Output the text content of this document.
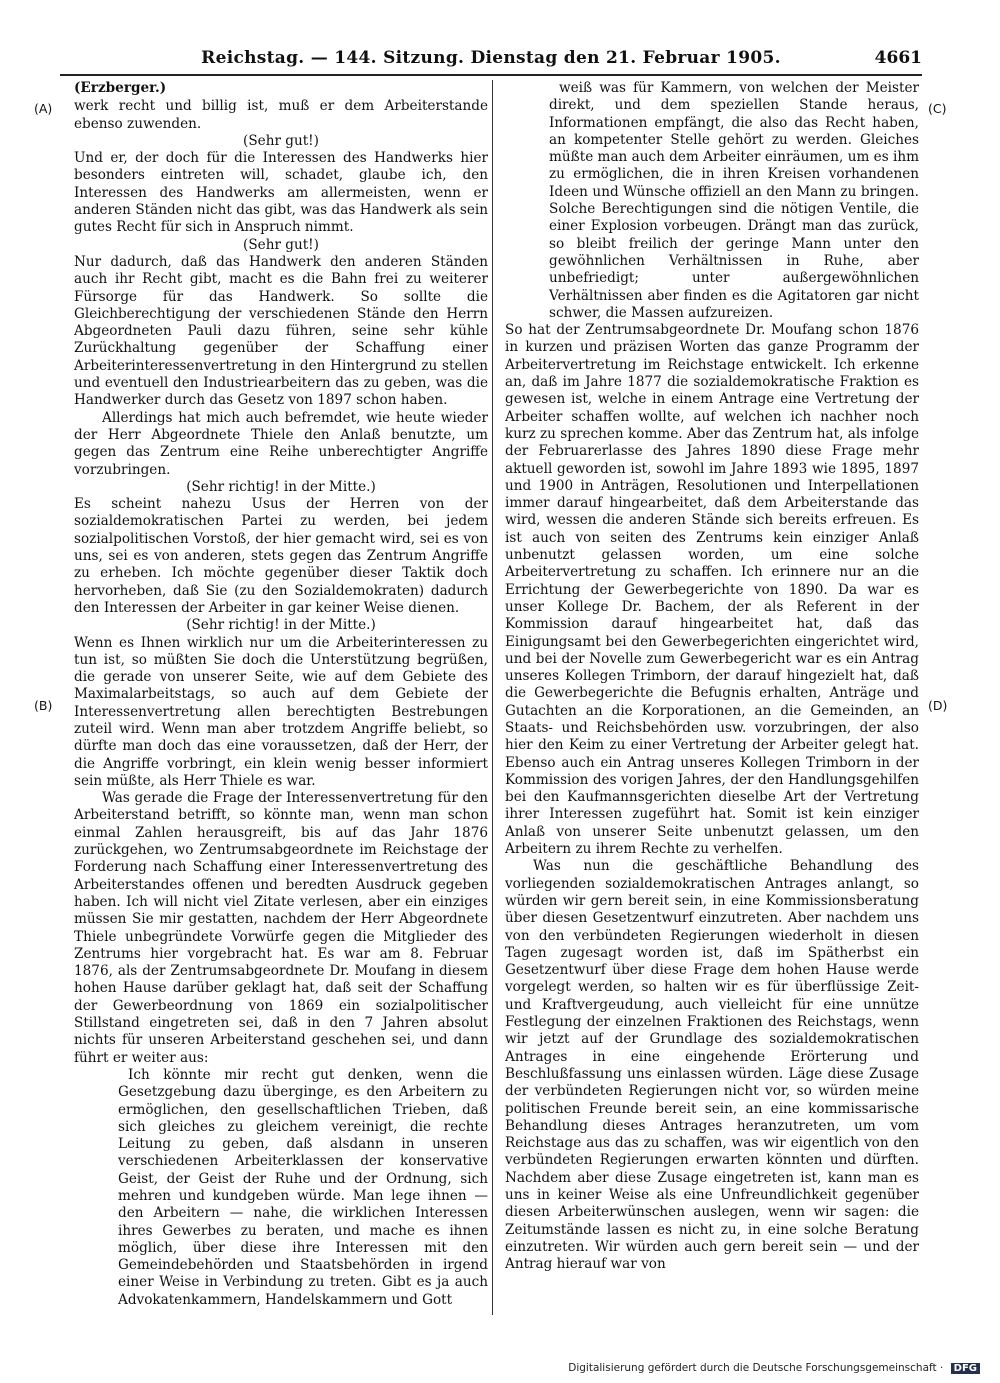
Reichstag. — 144. Sitzung. Dienstag den 21. Februar 1905.	4661
(A)
(B)
(C)
(D)

(Erzberger.)

werk recht und billig ist, muß er dem Arbeiterstande ebenso zuwenden.

(Sehr gut!)

Und er, der doch für die Interessen des Handwerks hier besonders eintreten will, schadet, glaube ich, den Interessen des Handwerks am allermeisten, wenn er anderen Ständen nicht das gibt, was das Handwerk als sein gutes Recht für sich in Anspruch nimmt.

(Sehr gut!)

Nur dadurch, daß das Handwerk den anderen Ständen auch ihr Recht gibt, macht es die Bahn frei zu weiterer Fürsorge für das Handwerk. So sollte die Gleichberechtigung der verschiedenen Stände den Herrn Abgeordneten Pauli dazu führen, seine sehr kühle Zurückhaltung gegenüber der Schaffung einer Arbeiterinteressenvertretung in den Hintergrund zu stellen und eventuell den Industriearbeitern das zu geben, was die Handwerker durch das Gesetz von 1897 schon haben.

Allerdings hat mich auch befremdet, wie heute wieder der Herr Abgeordnete Thiele den Anlaß benutzte, um gegen das Zentrum eine Reihe unberechtigter Angriffe vorzubringen.

(Sehr richtig! in der Mitte.)

Es scheint nahezu Usus der Herren von der sozialdemokratischen Partei zu werden, bei jedem sozialpolitischen Vorstoß, der hier gemacht wird, sei es von uns, sei es von anderen, stets gegen das Zentrum Angriffe zu erheben. Ich möchte gegenüber dieser Taktik doch hervorheben, daß Sie (zu den Sozialdemokraten) dadurch den Interessen der Arbeiter in gar keiner Weise dienen.

(Sehr richtig! in der Mitte.)

Wenn es Ihnen wirklich nur um die Arbeiterinteressen zu tun ist, so müßten Sie doch die Unterstützung begrüßen, die gerade von unserer Seite, wie auf dem Gebiete des Maximalarbeitstags, so auch auf dem Gebiete der Interessenvertretung allen berechtigten Bestrebungen zuteil wird. Wenn man aber trotzdem Angriffe beliebt, so dürfte man doch das eine voraussetzen, daß der Herr, der die Angriffe vorbringt, ein klein wenig besser informiert sein müßte, als Herr Thiele es war.

Was gerade die Frage der Interessenvertretung für den Arbeiterstand betrifft, so könnte man, wenn man schon einmal Zahlen herausgreift, bis auf das Jahr 1876 zurückgehen, wo Zentrumsabgeordnete im Reichstage der Forderung nach Schaffung einer Interessenvertretung des Arbeiterstandes offenen und beredten Ausdruck gegeben haben. Ich will nicht viel Zitate verlesen, aber ein einziges müssen Sie mir gestatten, nachdem der Herr Abgeordnete Thiele unbegründete Vorwürfe gegen die Mitglieder des Zentrums hier vorgebracht hat. Es war am 8. Februar 1876, als der Zentrumsabgeordnete Dr. Moufang in diesem hohen Hause darüber geklagt hat, daß seit der Schaffung der Gewerbeordnung von 1869 ein sozialpolitischer Stillstand eingetreten sei, daß in den 7 Jahren absolut nichts für unseren Arbeiterstand geschehen sei, und dann führt er weiter aus:

Ich könnte mir recht gut denken, wenn die Gesetzgebung dazu überginge, es den Arbeitern zu ermöglichen, den gesellschaftlichen Trieben, daß sich gleiches zu gleichem vereinigt, die rechte Leitung zu geben, daß alsdann in unseren verschiedenen Arbeiterklassen der konservative Geist, der Geist der Ruhe und der Ordnung, sich mehren und kundgeben würde. Man lege ihnen — den Arbeitern — nahe, die wirklichen Interessen ihres Gewerbes zu beraten, und mache es ihnen möglich, über diese ihre Interessen mit den Gemeindebehörden und Staatsbehörden in irgend einer Weise in Verbindung zu treten. Gibt es ja auch Advokatenkammern, Handelskammern und Gott

weiß was für Kammern, von welchen der Meister direkt, und dem speziellen Stande heraus, Informationen empfängt, die also das Recht haben, an kompetenter Stelle gehört zu werden. Gleiches müßte man auch dem Arbeiter einräumen, um es ihm zu ermöglichen, die in ihren Kreisen vorhandenen Ideen und Wünsche offiziell an den Mann zu bringen. Solche Berechtigungen sind die nötigen Ventile, die einer Explosion vorbeugen. Drängt man das zurück, so bleibt freilich der geringe Mann unter den gewöhnlichen Verhältnissen in Ruhe, aber unbefriedigt; unter außergewöhnlichen Verhältnissen aber finden es die Agitatoren gar nicht schwer, die Massen aufzureizen.

So hat der Zentrumsabgeordnete Dr. Moufang schon 1876 in kurzen und präzisen Worten das ganze Programm der Arbeitervertretung im Reichstage entwickelt. Ich erkenne an, daß im Jahre 1877 die sozialdemokratische Fraktion es gewesen ist, welche in einem Antrage eine Vertretung der Arbeiter schaffen wollte, auf welchen ich nachher noch kurz zu sprechen komme. Aber das Zentrum hat, als infolge der Februarerlasse des Jahres 1890 diese Frage mehr aktuell geworden ist, sowohl im Jahre 1893 wie 1895, 1897 und 1900 in Anträgen, Resolutionen und Interpellationen immer darauf hingearbeitet, daß dem Arbeiterstande das wird, wessen die anderen Stände sich bereits erfreuen. Es ist auch von seiten des Zentrums kein einziger Anlaß unbenutzt gelassen worden, um eine solche Arbeitervertretung zu schaffen. Ich erinnere nur an die Errichtung der Gewerbegerichte von 1890. Da war es unser Kollege Dr. Bachem, der als Referent in der Kommission darauf hingearbeitet hat, daß das Einigungsamt bei den Gewerbegerichten eingerichtet wird, und bei der Novelle zum Gewerbegericht war es ein Antrag unseres Kollegen Trimborn, der darauf hingezielt hat, daß die Gewerbegerichte die Befugnis erhalten, Anträge und Gutachten an die Korporationen, an die Gemeinden, an Staats- und Reichsbehörden usw. vorzubringen, der also hier den Keim zu einer Vertretung der Arbeiter gelegt hat. Ebenso auch ein Antrag unseres Kollegen Trimborn in der Kommission des vorigen Jahres, der den Handlungsgehilfen bei den Kaufmannsgerichten dieselbe Art der Vertretung ihrer Interessen zugeführt hat. Somit ist kein einziger Anlaß von unserer Seite unbenutzt gelassen, um den Arbeitern zu ihrem Rechte zu verhelfen.

Was nun die geschäftliche Behandlung des vorliegenden sozialdemokratischen Antrages anlangt, so würden wir gern bereit sein, in eine Kommissionsberatung über diesen Gesetzentwurf einzutreten. Aber nachdem uns von den verbündeten Regierungen wiederholt in diesen Tagen zugesagt worden ist, daß im Spätherbst ein Gesetzentwurf über diese Frage dem hohen Hause werde vorgelegt werden, so halten wir es für überflüssige Zeit- und Kraftvergeudung, auch vielleicht für eine unnütze Festlegung der einzelnen Fraktionen des Reichstags, wenn wir jetzt auf der Grundlage des sozialdemokratischen Antrages in eine eingehende Erörterung und Beschlußfassung uns einlassen würden. Läge diese Zusage der verbündeten Regierungen nicht vor, so würden meine politischen Freunde bereit sein, an eine kommissarische Behandlung dieses Antrages heranzutreten, um vom Reichstage aus das zu schaffen, was wir eigentlich von den verbündeten Regierungen erwarten könnten und dürften. Nachdem aber diese Zusage eingetreten ist, kann man es uns in keiner Weise als eine Unfreundlichkeit gegenüber diesen Arbeiterwünschen auslegen, wenn wir sagen: die Zeitumstände lassen es nicht zu, in eine solche Beratung einzutreten. Wir würden auch gern bereit sein — und der Antrag hierauf war von

Digitalisierung gefördert durch die Deutsche Forschungsgemeinschaft · DFG
